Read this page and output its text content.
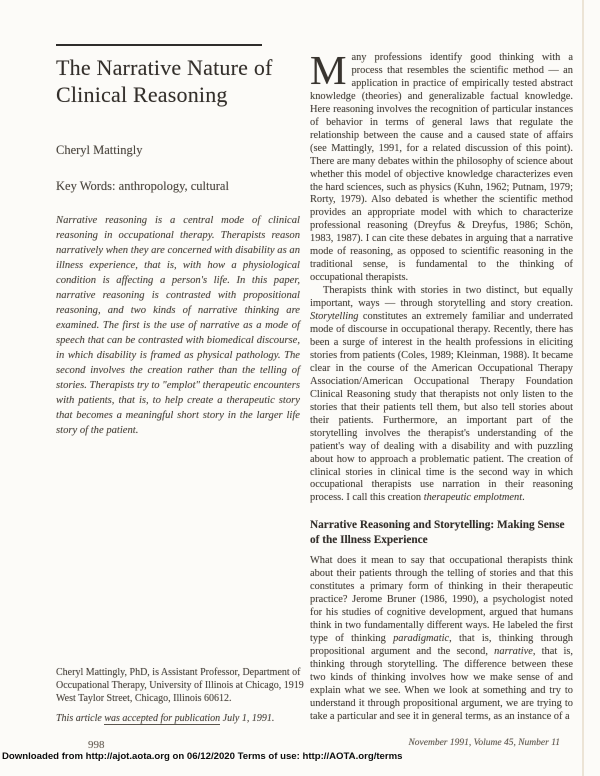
The Narrative Nature of
Clinical Reasoning
Cheryl Mattingly
Key Words: anthropology, cultural

Narrative reasoning is a central mode of clinical reasoning in occupational therapy. Therapists reason narratively when they are concerned with disability as an illness experience, that is, with how a physiological condition is affecting a person's life. In this paper, narrative reasoning is contrasted with propositional reasoning, and two kinds of narrative thinking are examined. The first is the use of narrative as a mode of speech that can be contrasted with biomedical discourse, in which disability is framed as physical pathology. The second involves the creation rather than the telling of stories. Therapists try to "emplot" therapeutic encounters with patients, that is, to help create a therapeutic story that becomes a meaningful short story in the larger life story of the patient.

Cheryl Mattingly, PhD, is Assistant Professor, Department of Occupational Therapy, University of Illinois at Chicago, 1919 West Taylor Street, Chicago, Illinois 60612.

This article was accepted for publication July 1, 1991.

Many professions identify good thinking with a process that resembles the scientific method — an application in practice of empirically tested abstract knowledge (theories) and generalizable factual knowledge. Here reasoning involves the recognition of particular instances of behavior in terms of general laws that regulate the relationship between the cause and a caused state of affairs (see Mattingly, 1991, for a related discussion of this point). There are many debates within the philosophy of science about whether this model of objective knowledge characterizes even the hard sciences, such as physics (Kuhn, 1962; Putnam, 1979; Rorty, 1979). Also debated is whether the scientific method provides an appropriate model with which to characterize professional reasoning (Dreyfus & Dreyfus, 1986; Schön, 1983, 1987). I can cite these debates in arguing that a narrative mode of reasoning, as opposed to scientific reasoning in the traditional sense, is fundamental to the thinking of occupational therapists.

Therapists think with stories in two distinct, but equally important, ways — through storytelling and story creation. Storytelling constitutes an extremely familiar and underrated mode of discourse in occupational therapy. Recently, there has been a surge of interest in the health professions in eliciting stories from patients (Coles, 1989; Kleinman, 1988). It became clear in the course of the American Occupational Therapy Association/American Occupational Therapy Foundation Clinical Reasoning study that therapists not only listen to the stories that their patients tell them, but also tell stories about their patients. Furthermore, an important part of the storytelling involves the therapist's understanding of the patient's way of dealing with a disability and with puzzling about how to approach a problematic patient. The creation of clinical stories in clinical time is the second way in which occupational therapists use narration in their reasoning process. I call this creation therapeutic emplotment.

Narrative Reasoning and Storytelling: Making Sense of the Illness Experience

What does it mean to say that occupational therapists think about their patients through the telling of stories and that this constitutes a primary form of thinking in their therapeutic practice? Jerome Bruner (1986, 1990), a psychologist noted for his studies of cognitive development, argued that humans think in two fundamentally different ways. He labeled the first type of thinking paradigmatic, that is, thinking through propositional argument and the second, narrative, that is, thinking through storytelling. The difference between these two kinds of thinking involves how we make sense of and explain what we see. When we look at something and try to understand it through propositional argument, we are trying to take a particular and see it in general terms, as an instance of a

998	November 1991, Volume 45, Number 11
Downloaded from http://ajot.aota.org on 06/12/2020 Terms of use: http://AOTA.org/terms
